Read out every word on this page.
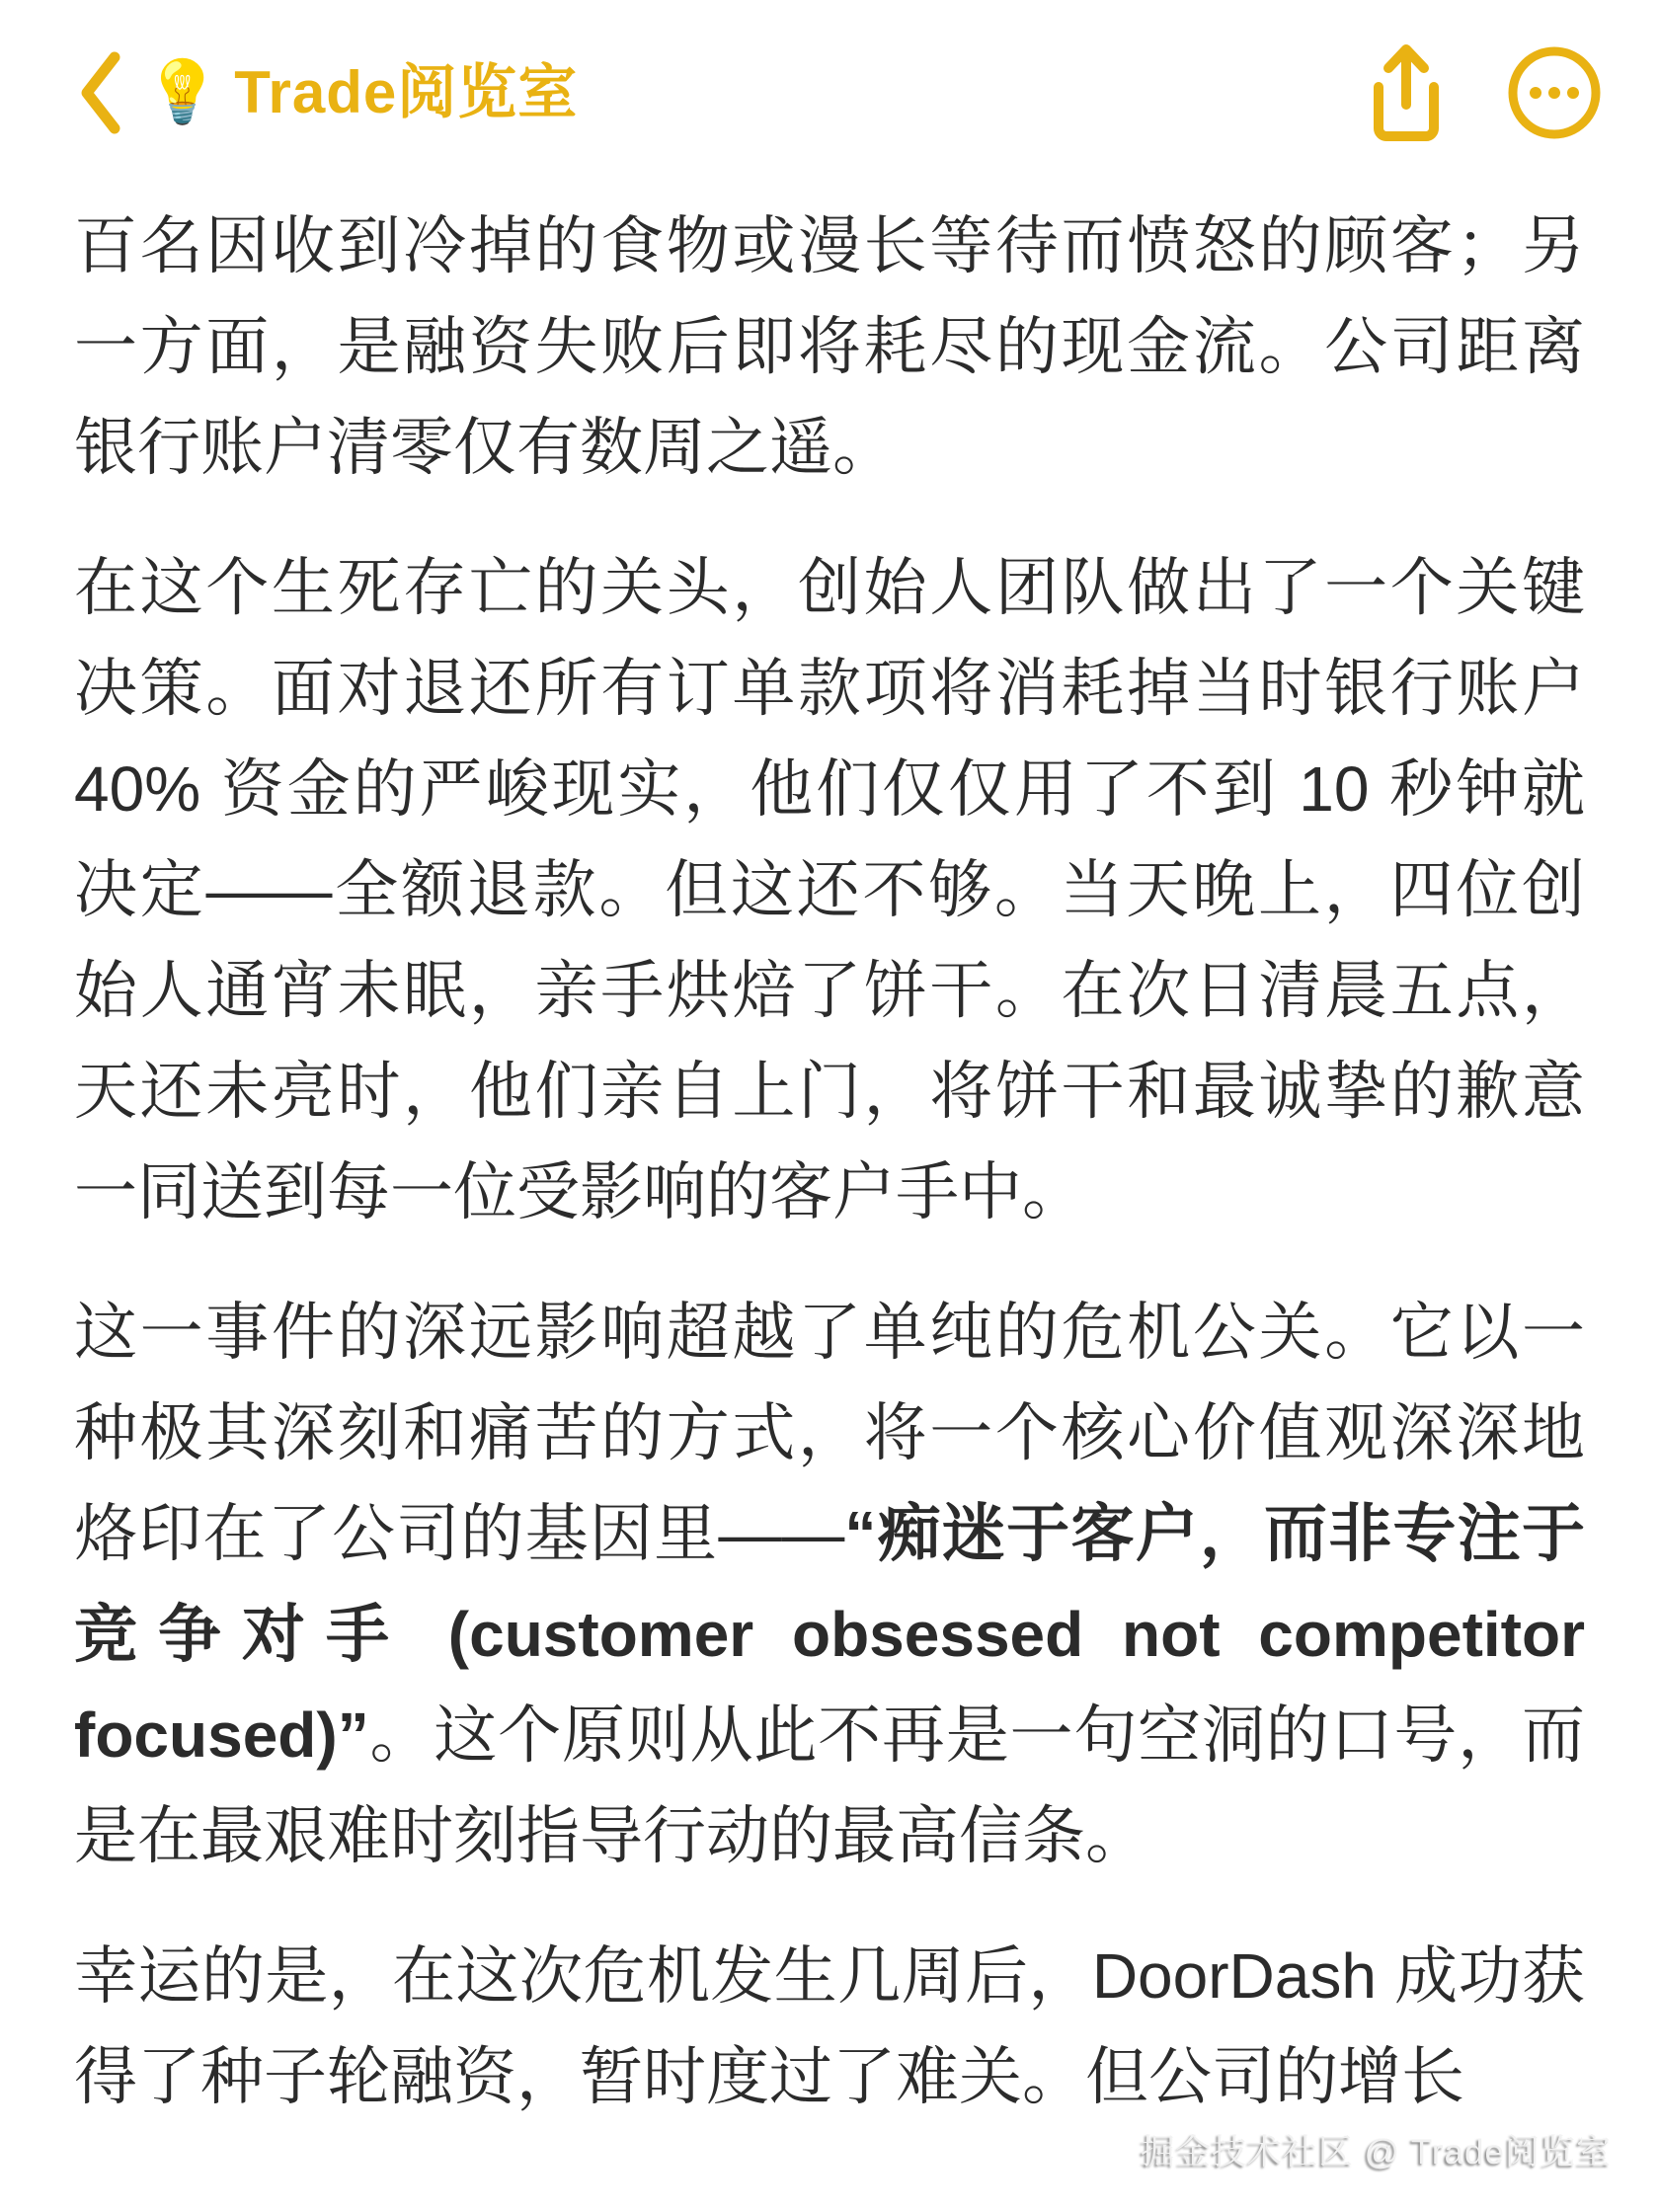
💡 Trade阅览室

百名因收到冷掉的食物或漫长等待而愤怒的顾客；另一方面，是融资失败后即将耗尽的现金流。公司距离银行账户清零仅有数周之遥。

在这个生死存亡的关头，创始人团队做出了一个关键决策。面对退还所有订单款项将消耗掉当时银行账户 40% 资金的严峻现实，他们仅仅用了不到 10 秒钟就决定——全额退款。但这还不够。当天晚上，四位创始人通宵未眠，亲手烘焙了饼干。在次日清晨五点，天还未亮时，他们亲自上门，将饼干和最诚挚的歉意一同送到每一位受影响的客户手中。

这一事件的深远影响超越了单纯的危机公关。它以一种极其深刻和痛苦的方式，将一个核心价值观深深地烙印在了公司的基因里——“痴迷于客户，而非专注于竞争对手 (customer obsessed not competitor focused)”。这个原则从此不再是一句空洞的口号，而是在最艰难时刻指导行动的最高信条。

幸运的是，在这次危机发生几周后，DoorDash 成功获得了种子轮融资，暂时度过了难关。但公司的增长

掘金技术社区 @ Trade阅览室
